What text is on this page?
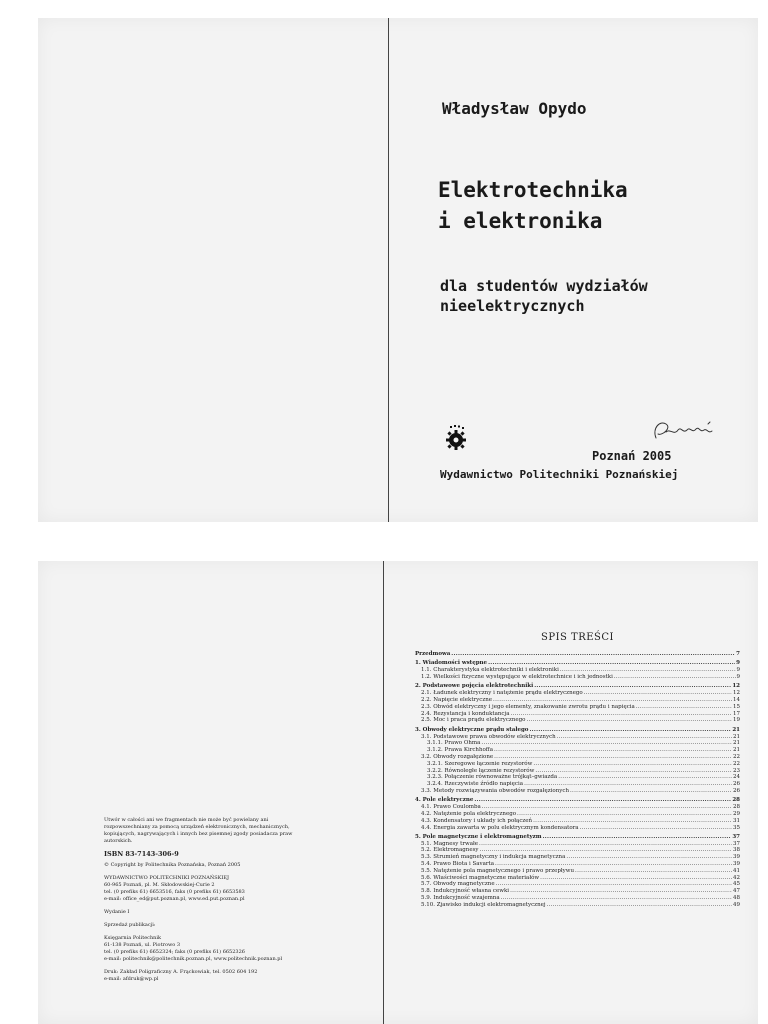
Władysław Opydo
Elektrotechnika
i elektronika
dla studentów wydziałów
nieelektrycznych
Poznań 2005
Wydawnictwo Politechniki Poznańskiej

Utwór w całości ani we fragmentach nie może być powielany ani rozpowszechniany za pomocą urządzeń elektronicznych, mechanicznych, kopiujących, nagrywających i innych bez pisemnej zgody posiadacza praw autorskich.

ISBN 83-7143-306-9

© Copyright by Politechnika Poznańska, Poznań 2005

WYDAWNICTWO POLITECHNIKI POZNAŃSKIEJ
60-965 Poznań, pl. M. Skłodowskiej-Curie 2
tel. (0 prefiks 61) 6653516, faks (0 prefiks 61) 6653583
e-mail: office_ed@put.poznan.pl, www.ed.put.poznan.pl

Wydanie I

Sprzedaż publikacji:

Księgarnia Politechnik
61-138 Poznań, ul. Piotrowo 3
tel. (0 prefiks 61) 6652324; faks (0 prefiks 61) 6652326
e-mail: politechnik@politechnik.poznan.pl, www.politechnik.poznan.pl

Druk: Zakład Poligraficzny A. Frąckowiak, tel. 0502 604 192
e-mail: afdruk@wp.pl

SPIS TREŚCI
Przedmowa .....	7
1. Wiadomości wstępne .....	9
1.1. Charakterystyka elektrotechniki i elektroniki .....	9
1.2. Wielkości fizyczne występujące w elektrotechnice i ich jednostki .....	9
2. Podstawowe pojęcia elektrotechniki .....	12
2.1. Ładunek elektryczny i natężenie prądu elektrycznego .....	12
2.2. Napięcie elektryczne .....	14
2.3. Obwód elektryczny i jego elementy, znakowanie zwrotu prądu i napięcia .....	15
2.4. Rezystancja i konduktancja .....	17
2.5. Moc i praca prądu elektrycznego .....	19
3. Obwody elektryczne prądu stałego .....	21
3.1. Podstawowe prawa obwodów elektrycznych .....	21
3.1.1. Prawo Ohma .....	21
3.1.2. Prawa Kirchhoffa .....	21
3.2. Obwody rozgałęzione .....	22
3.2.1. Szeregowe łączenie rezystorów .....	22
3.2.2. Równoległe łączenie rezystorów .....	23
3.2.3. Połączenie równoważne trójkąt–gwiazda .....	24
3.2.4. Rzeczywiste źródło napięcia .....	26
3.3. Metody rozwiązywania obwodów rozgałęzionych .....	26
4. Pole elektryczne .....	28
4.1. Prawo Coulomba .....	28
4.2. Natężenie pola elektrycznego .....	29
4.3. Kondensatory i układy ich połączeń .....	31
4.4. Energia zawarta w polu elektrycznym kondensatora .....	35
5. Pole magnetyczne i elektromagnetyzm .....	37
5.1. Magnesy trwałe .....	37
5.2. Elektromagnesy .....	38
5.3. Strumień magnetyczny i indukcja magnetyczna .....	39
5.4. Prawo Biota i Savarta .....	39
5.5. Natężenie pola magnetycznego i prawo przepływu .....	41
5.6. Właściwości magnetyczne materiałów .....	42
5.7. Obwody magnetyczne .....	45
5.8. Indukcyjność własna cewki .....	47
5.9. Indukcyjność wzajemna .....	48
5.10. Zjawisko indukcji elektromagnetycznej .....	49
